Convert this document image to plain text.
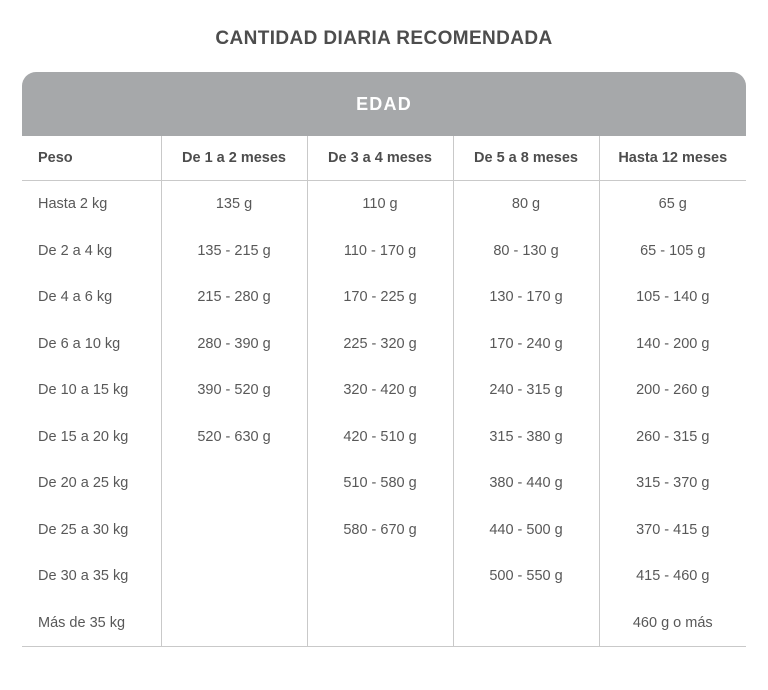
CANTIDAD DIARIA RECOMENDADA
EDAD
Peso	De 1 a 2 meses	De 3 a 4 meses	De 5 a 8 meses	Hasta 12 meses
Hasta 2 kg	135 g	110 g	80 g	65 g
De 2 a 4 kg	135 - 215 g	110 - 170 g	80 - 130 g	65 - 105 g
De 4 a 6 kg	215 - 280 g	170 - 225 g	130 - 170 g	105 - 140 g
De 6 a 10 kg	280 - 390 g	225 - 320 g	170 - 240 g	140 - 200 g
De 10 a 15 kg	390 - 520 g	320 - 420 g	240 - 315 g	200 - 260 g
De 15 a 20 kg	520 - 630 g	420 - 510 g	315 - 380 g	260 - 315 g
De 20 a 25 kg		510 - 580 g	380 - 440 g	315 - 370 g
De 25 a 30 kg		580 - 670 g	440 - 500 g	370 - 415 g
De 30 a 35 kg			500 - 550 g	415 - 460 g
Más de 35 kg				460 g o más
